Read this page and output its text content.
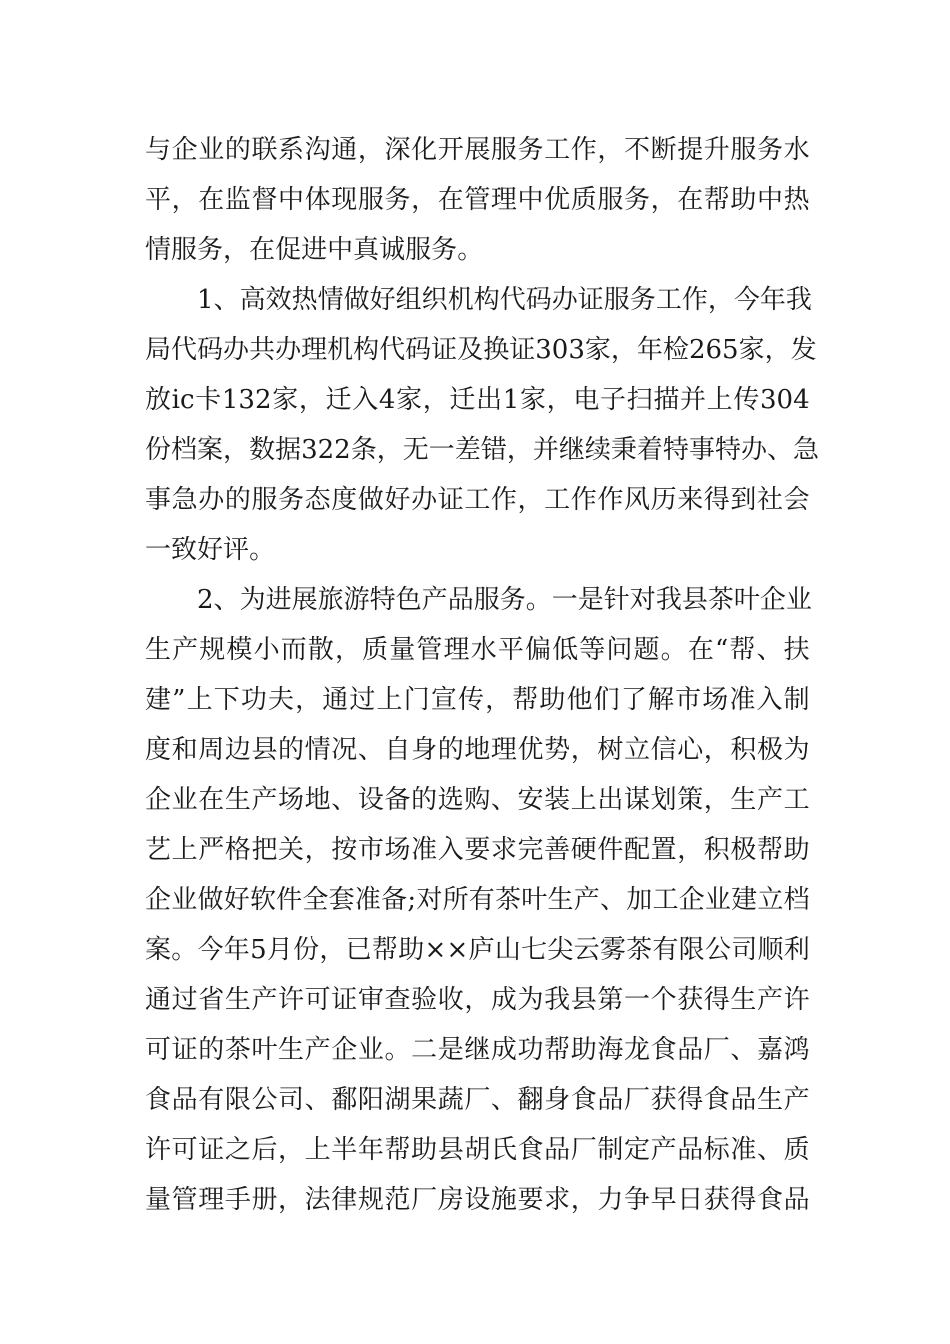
与 企 业 的 联 系 沟 通 ， 深 化 开 展 服 务 工 作 ， 不 断 提 升 服 务 水
平 ， 在 监 督 中 体 现 服 务 ， 在 管 理 中 优 质 服 务 ， 在 帮 助 中 热
情 服 务 ， 在 促 进 中 真 诚 服 务 。
1 、 高 效 热 情 做 好 组 织 机 构 代 码 办 证 服 务 工 作 ， 今 年 我
局 代 码 办 共 办 理 机 构 代 码 证 及 换 证 303 家 ， 年 检 265 家 ， 发
放 ic 卡 132 家 ， 迁 入 4 家 ， 迁 出 1 家 ， 电 子 扫 描 并 上 传 304
份 档 案 ， 数 据 322 条 ， 无 一 差 错 ， 并 继 续 秉 着 特 事 特 办 、 急
事 急 办 的 服 务 态 度 做 好 办 证 工 作 ， 工 作 作 风 历 来 得 到 社 会
一 致 好 评 。
2 、 为 进 展 旅 游 特 色 产 品 服 务 。 一 是 针 对 我 县 茶 叶 企 业
生 产 规 模 小 而 散 ， 质 量 管 理 水 平 偏 低 等 问 题 。 在 “ 帮 、 扶
建 ” 上 下 功 夫 ， 通 过 上 门 宣 传 ， 帮 助 他 们 了 解 市 场 准 入 制
度 和 周 边 县 的 情 况 、 自 身 的 地 理 优 势 ， 树 立 信 心 ， 积 极 为
企 业 在 生 产 场 地 、 设 备 的 选 购 、 安 装 上 出 谋 划 策 ， 生 产 工
艺 上 严 格 把 关 ， 按 市 场 准 入 要 求 完 善 硬 件 配 置 ， 积 极 帮 助
企 业 做 好 软 件 全 套 准 备 ; 对 所 有 茶 叶 生 产 、 加 工 企 业 建 立 档
案 。 今 年 5 月 份 ， 已 帮 助 × × 庐 山 七 尖 云 雾 茶 有 限 公 司 顺 利
通 过 省 生 产 许 可 证 审 查 验 收 ， 成 为 我 县 第 一 个 获 得 生 产 许
可 证 的 茶 叶 生 产 企 业 。 二 是 继 成 功 帮 助 海 龙 食 品 厂 、 嘉 鸿
食 品 有 限 公 司 、 鄱 阳 湖 果 蔬 厂 、 翻 身 食 品 厂 获 得 食 品 生 产
许 可 证 之 后 ， 上 半 年 帮 助 县 胡 氏 食 品 厂 制 定 产 品 标 准 、 质
量 管 理 手 册 ， 法 律 规 范 厂 房 设 施 要 求 ， 力 争 早 日 获 得 食 品
